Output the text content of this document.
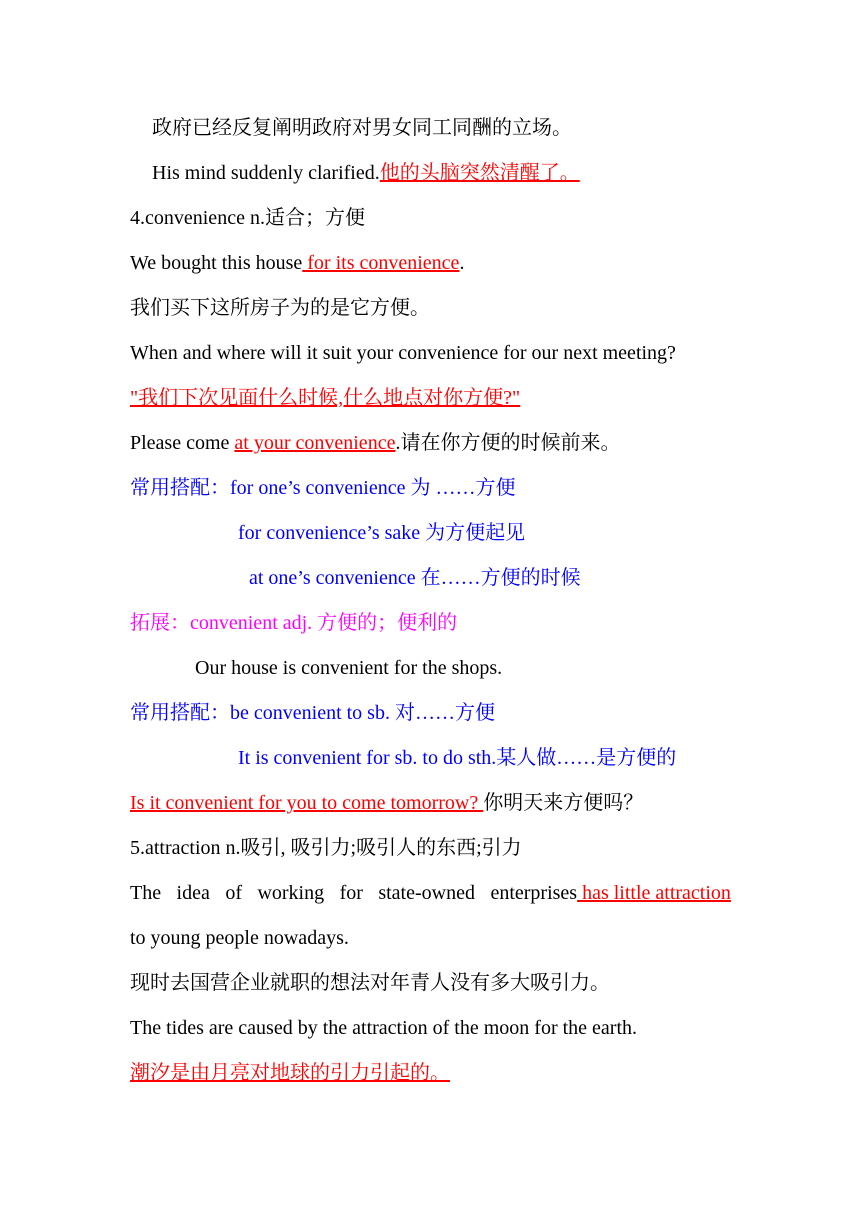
政府已经反复阐明政府对男女同工同酬的立场。
His mind suddenly clarified.他的头脑突然清醒了。
4.convenience n.适合；方便
We bought this house for its convenience.
我们买下这所房子为的是它方便。
When and where will it suit your convenience for our next meeting?
"我们下次见面什么时候,什么地点对你方便?"
Please come at your convenience.请在你方便的时候前来。
常用搭配：for one’s convenience 为 ……方便
for convenience’s sake 为方便起见
at one’s convenience 在……方便的时候
拓展：convenient adj. 方便的；便利的
Our house is convenient for the shops.
常用搭配：be convenient to sb. 对……方便
It is convenient for sb. to do sth.某人做……是方便的
Is it convenient for you to come tomorrow? 你明天来方便吗？
5.attraction n.吸引, 吸引力;吸引人的东西;引力
The idea of working for state-owned enterprises has little attraction
to young people nowadays.
现时去国营企业就职的想法对年青人没有多大吸引力。
The tides are caused by the attraction of the moon for the earth.
潮汐是由月亮对地球的引力引起的。
